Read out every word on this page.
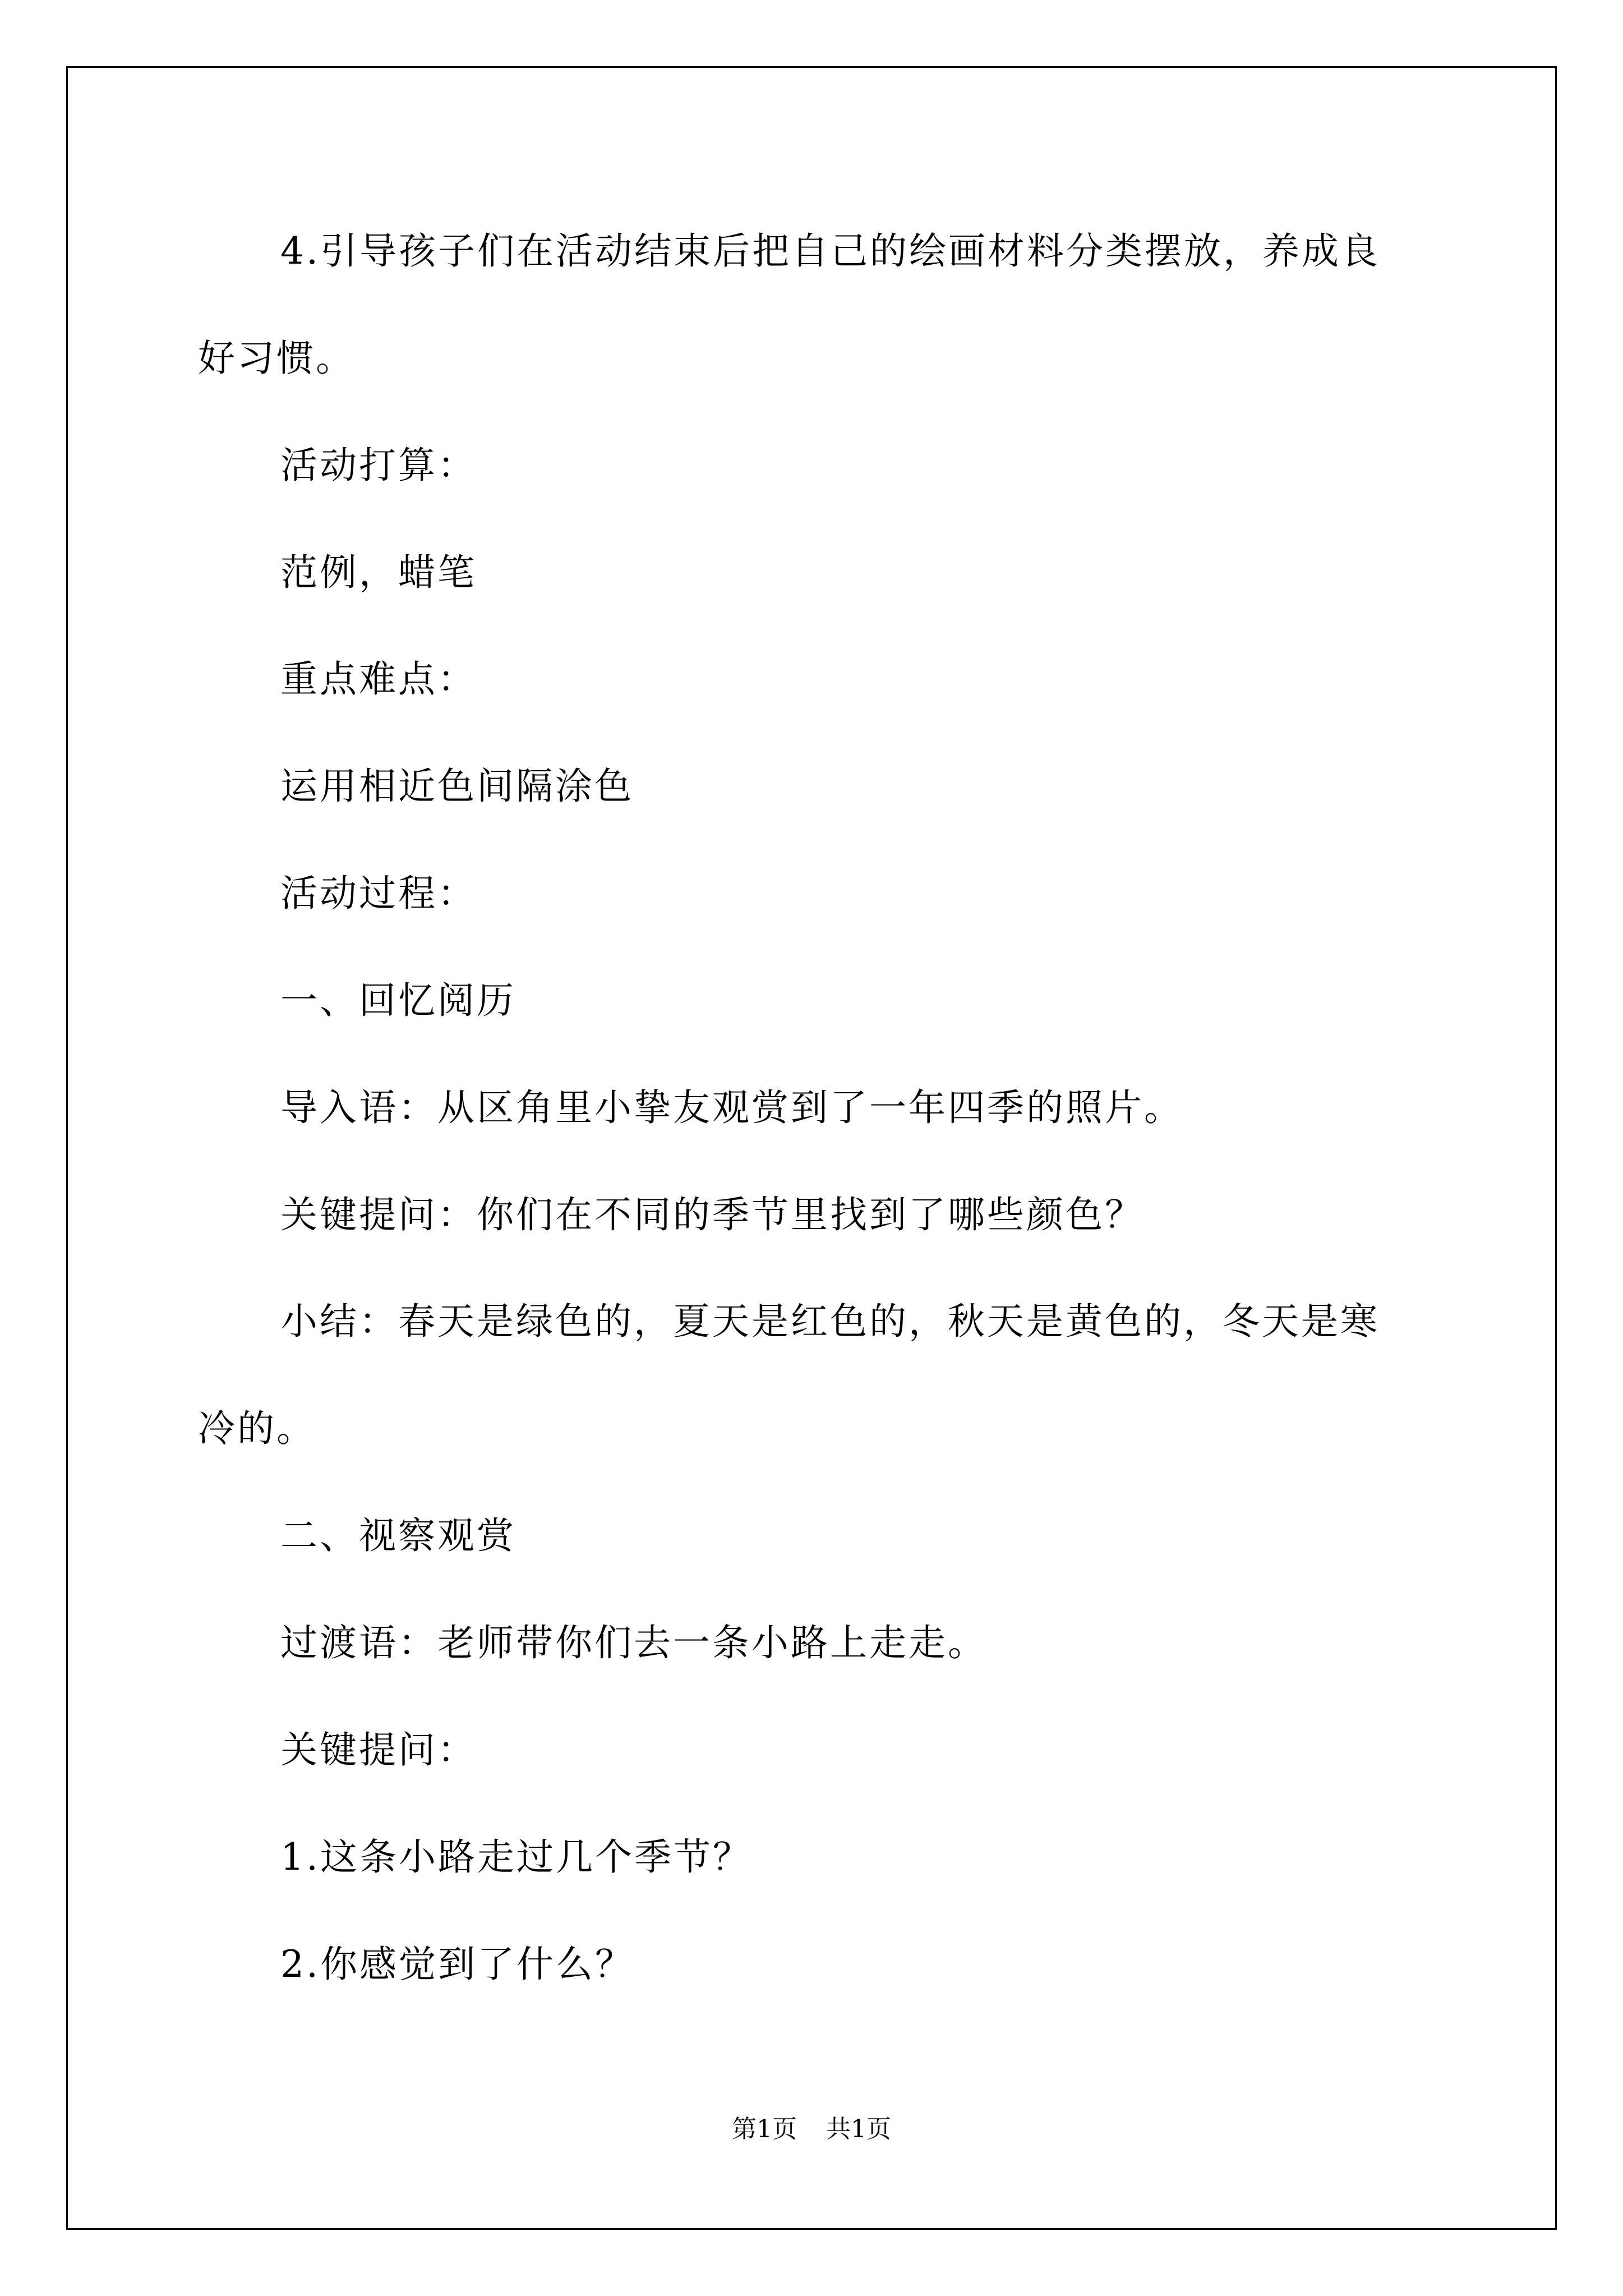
4.引导孩子们在活动结束后把自己的绘画材料分类摆放，养成良
好习惯。
活动打算：
范例，蜡笔
重点难点：
运用相近色间隔涂色
活动过程：
一、回忆阅历
导入语：从区角里小挚友观赏到了一年四季的照片。
关键提问：你们在不同的季节里找到了哪些颜色？
小结：春天是绿色的，夏天是红色的，秋天是黄色的，冬天是寒
冷的。
二、视察观赏
过渡语：老师带你们去一条小路上走走。
关键提问：
1.这条小路走过几个季节？
2.你感觉到了什么？
第1页 共1页
